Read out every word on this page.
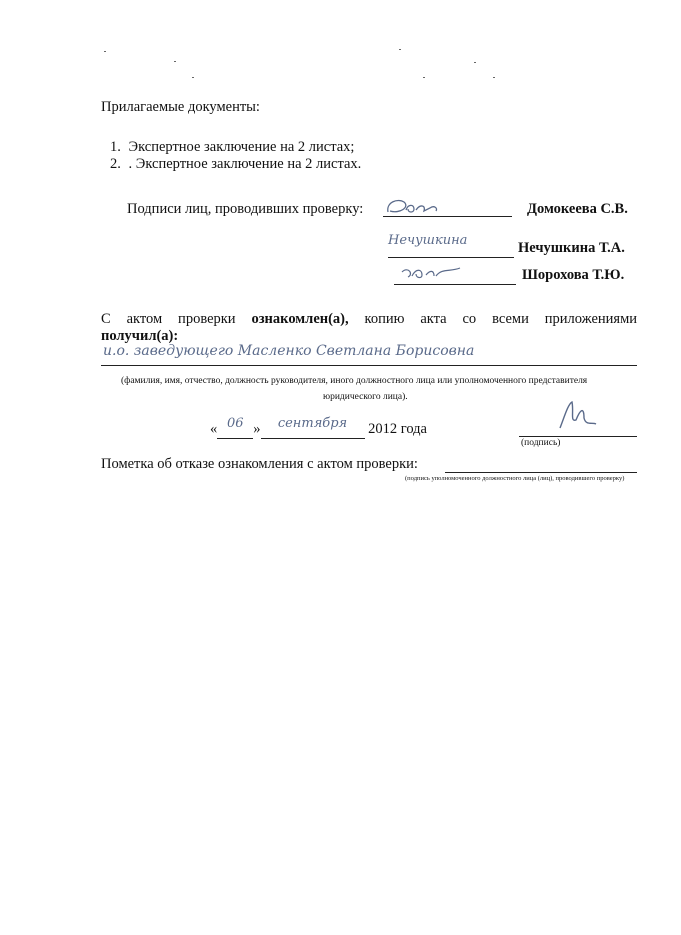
Прилагаемые документы:
1. Экспертное заключение на 2 листах;
2. . Экспертное заключение на 2 листах.
Подписи лиц, проводивших проверку:	Домокеева С.В.
Нечушкина	Нечушкина Т.А.
Шорохова Т.Ю.
С актом проверки ознакомлен(а), копию акта со всеми приложениями
получил(а):
и.о. заведующего Масленко Светлана Борисовна
(фамилия, имя, отчество, должность руководителя, иного должностного лица или уполномоченного представителя
юридического лица).
« 06 » сентября 2012 года
(подпись)
Пометка об отказе ознакомления с актом проверки:
(подпись уполномоченного должностного лица (лиц), проводившего проверку)
